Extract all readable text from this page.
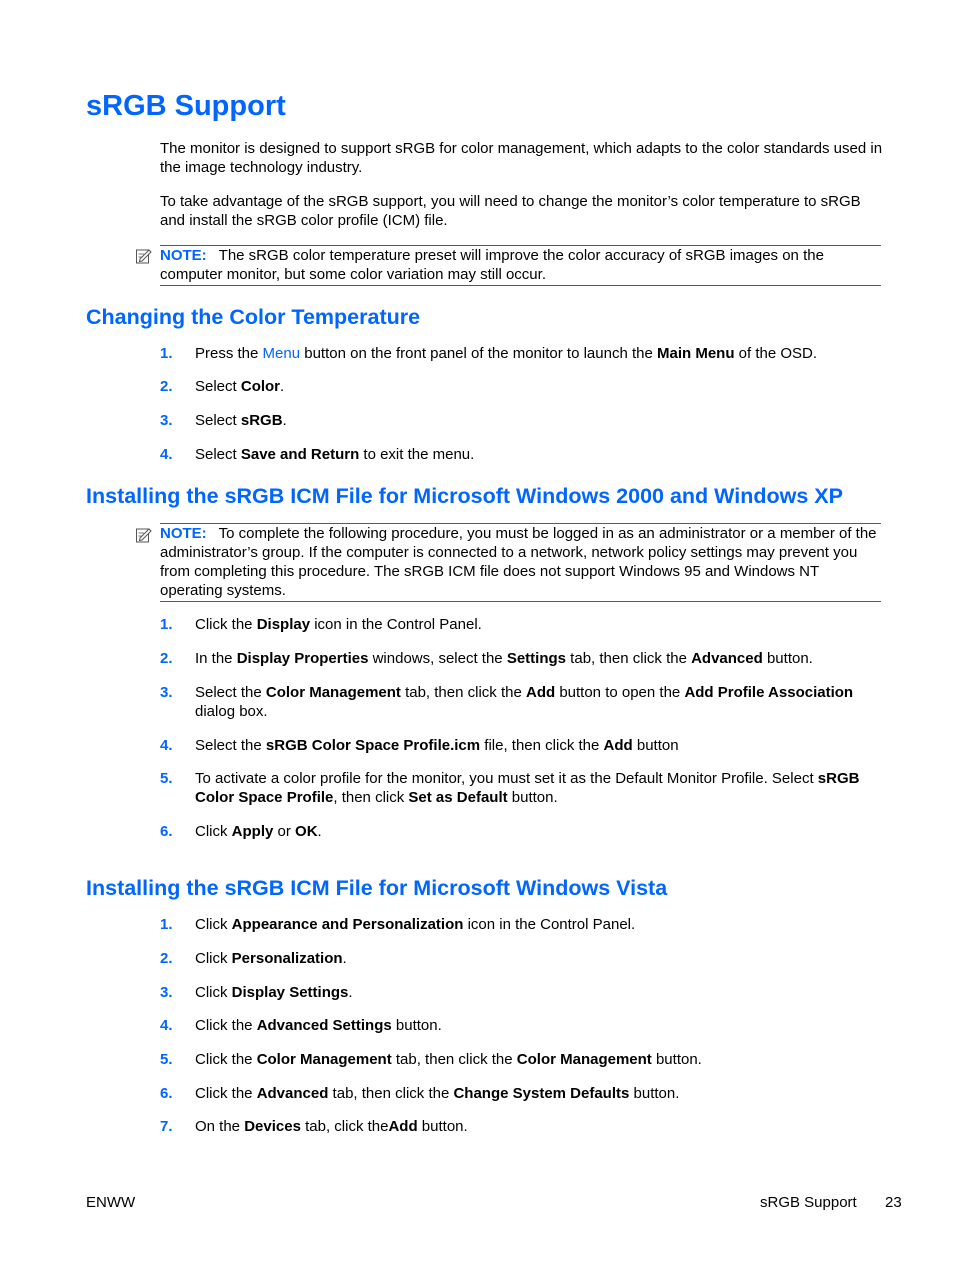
sRGB Support

The monitor is designed to support sRGB for color management, which adapts to the color standards used in the image technology industry.

To take advantage of the sRGB support, you will need to change the monitor’s color temperature to sRGB and install the sRGB color profile (ICM) file.

NOTE: The sRGB color temperature preset will improve the color accuracy of sRGB images on the computer monitor, but some color variation may still occur.
Changing the Color Temperature
1. Press the Menu button on the front panel of the monitor to launch the Main Menu of the OSD.
2. Select Color.
3. Select sRGB.
4. Select Save and Return to exit the menu.
Installing the sRGB ICM File for Microsoft Windows 2000 and Windows XP
NOTE: To complete the following procedure, you must be logged in as an administrator or a member of the administrator’s group. If the computer is connected to a network, network policy settings may prevent you from completing this procedure. The sRGB ICM file does not support Windows 95 and Windows NT operating systems.
1. Click the Display icon in the Control Panel.
2. In the Display Properties windows, select the Settings tab, then click the Advanced button.
3. Select the Color Management tab, then click the Add button to open the Add Profile Association dialog box.
4. Select the sRGB Color Space Profile.icm file, then click the Add button
5. To activate a color profile for the monitor, you must set it as the Default Monitor Profile. Select sRGB Color Space Profile, then click Set as Default button.
6. Click Apply or OK.
Installing the sRGB ICM File for Microsoft Windows Vista
1. Click Appearance and Personalization icon in the Control Panel.
2. Click Personalization.
3. Click Display Settings.
4. Click the Advanced Settings button.
5. Click the Color Management tab, then click the Color Management button.
6. Click the Advanced tab, then click the Change System Defaults button.
7. On the Devices tab, click theAdd button.
ENWW	sRGB Support 23
